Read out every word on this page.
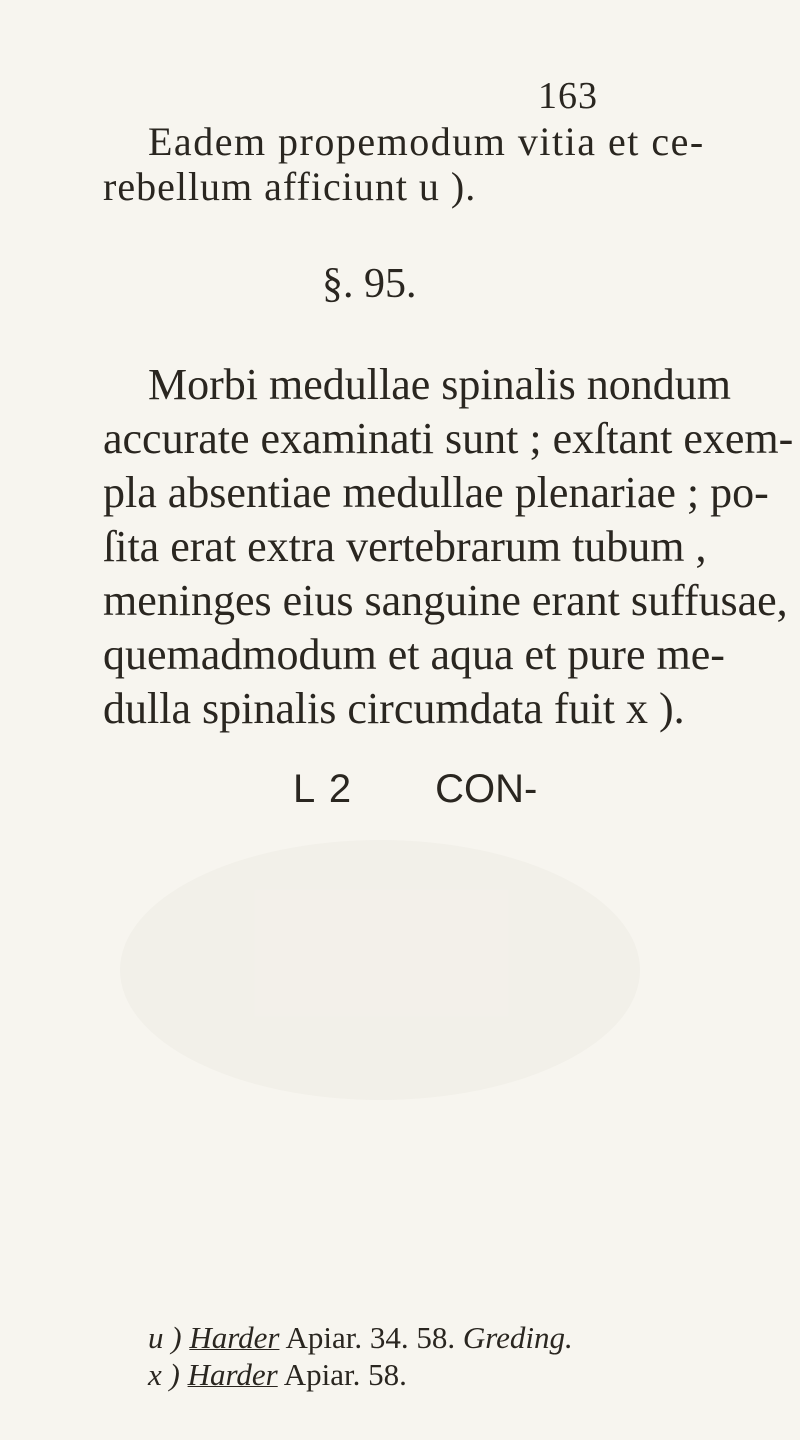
163
Eadem propemodum vitia et ce-
rebellum afficiunt u ).
§. 95.
Morbi medullae spinalis nondum
accurate examinati sunt ; exſtant exem-
pla absentiae medullae plenariae ; po-
ſita erat extra vertebrarum tubum ,
meninges eius sanguine erant suffusae,
quemadmodum et aqua et pure me-
dulla spinalis circumdata fuit x ).
L 2 CON-
u ) Harder Apiar. 34. 58. Greding.
x ) Harder Apiar. 58.
